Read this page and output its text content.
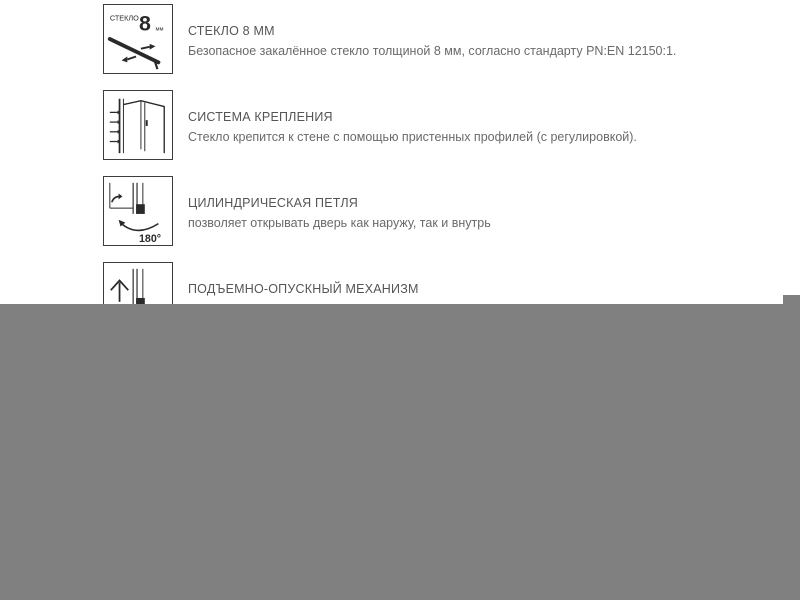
СТЕКЛО 8 мм СТЕКЛО 8 ММ
Безопасное закалённое стекло толщиной 8 мм, согласно стандарту PN:EN 12150:1.
СИСТЕМА КРЕПЛЕНИЯ
Стекло крепится к стене с помощью пристенных профилей (с регулировкой).
180°
ЦИЛИНДРИЧЕСКАЯ ПЕТЛЯ
позволяет открывать дверь как наружу, так и внутрь
ПОДЪЕМНО-ОПУСКНЫЙ МЕХАНИЗМ
